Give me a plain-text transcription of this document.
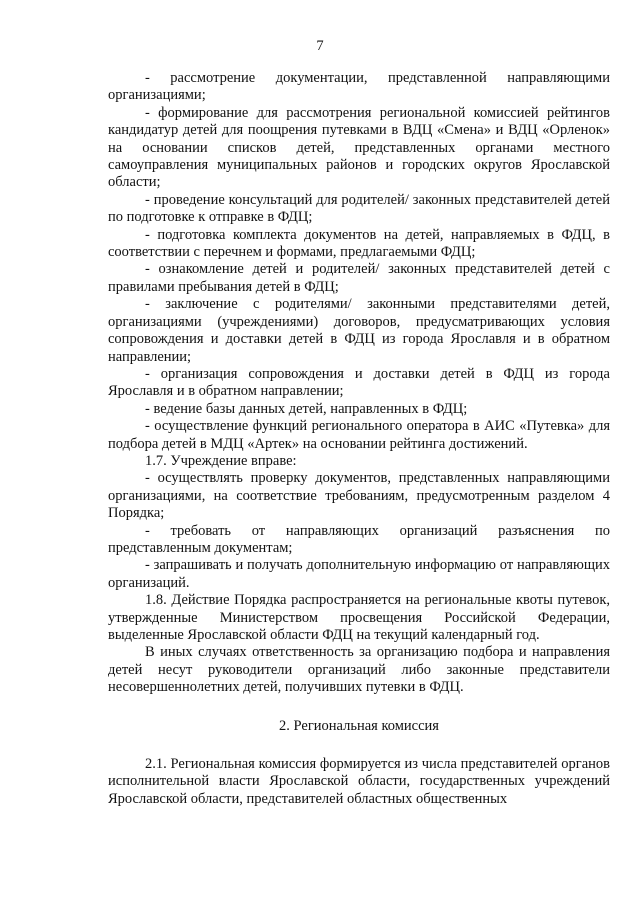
7

- рассмотрение документации, представленной направляющими организациями;

- формирование для рассмотрения региональной комиссией рейтингов кандидатур детей для поощрения путевками в ВДЦ «Смена» и ВДЦ «Орленок» на основании списков детей, представленных органами местного самоуправления муниципальных районов и городских округов Ярославской области;

- проведение консультаций для родителей/ законных представителей детей по подготовке к отправке в ФДЦ;

- подготовка комплекта документов на детей, направляемых в ФДЦ, в соответствии с перечнем и формами, предлагаемыми ФДЦ;

- ознакомление детей и родителей/ законных представителей детей с правилами пребывания детей в ФДЦ;

- заключение с родителями/ законными представителями детей, организациями (учреждениями) договоров, предусматривающих условия сопровождения и доставки детей в ФДЦ из города Ярославля и в обратном направлении;

- организация сопровождения и доставки детей в ФДЦ из города Ярославля и в обратном направлении;

- ведение базы данных детей, направленных в ФДЦ;

- осуществление функций регионального оператора в АИС «Путевка» для подбора детей в МДЦ «Артек» на основании рейтинга достижений.

1.7. Учреждение вправе:

- осуществлять проверку документов, представленных направляющими организациями, на соответствие требованиям, предусмотренным разделом 4 Порядка;

- требовать от направляющих организаций разъяснения по представленным документам;

- запрашивать и получать дополнительную информацию от направляющих организаций.

1.8. Действие Порядка распространяется на региональные квоты путевок, утвержденные Министерством просвещения Российской Федерации, выделенные Ярославской области ФДЦ на текущий календарный год.

В иных случаях ответственность за организацию подбора и направления детей несут руководители организаций либо законные представители несовершеннолетних детей, получивших путевки в ФДЦ.

2. Региональная комиссия

2.1. Региональная комиссия формируется из числа представителей органов исполнительной власти Ярославской области, государственных учреждений Ярославской области, представителей областных общественных
